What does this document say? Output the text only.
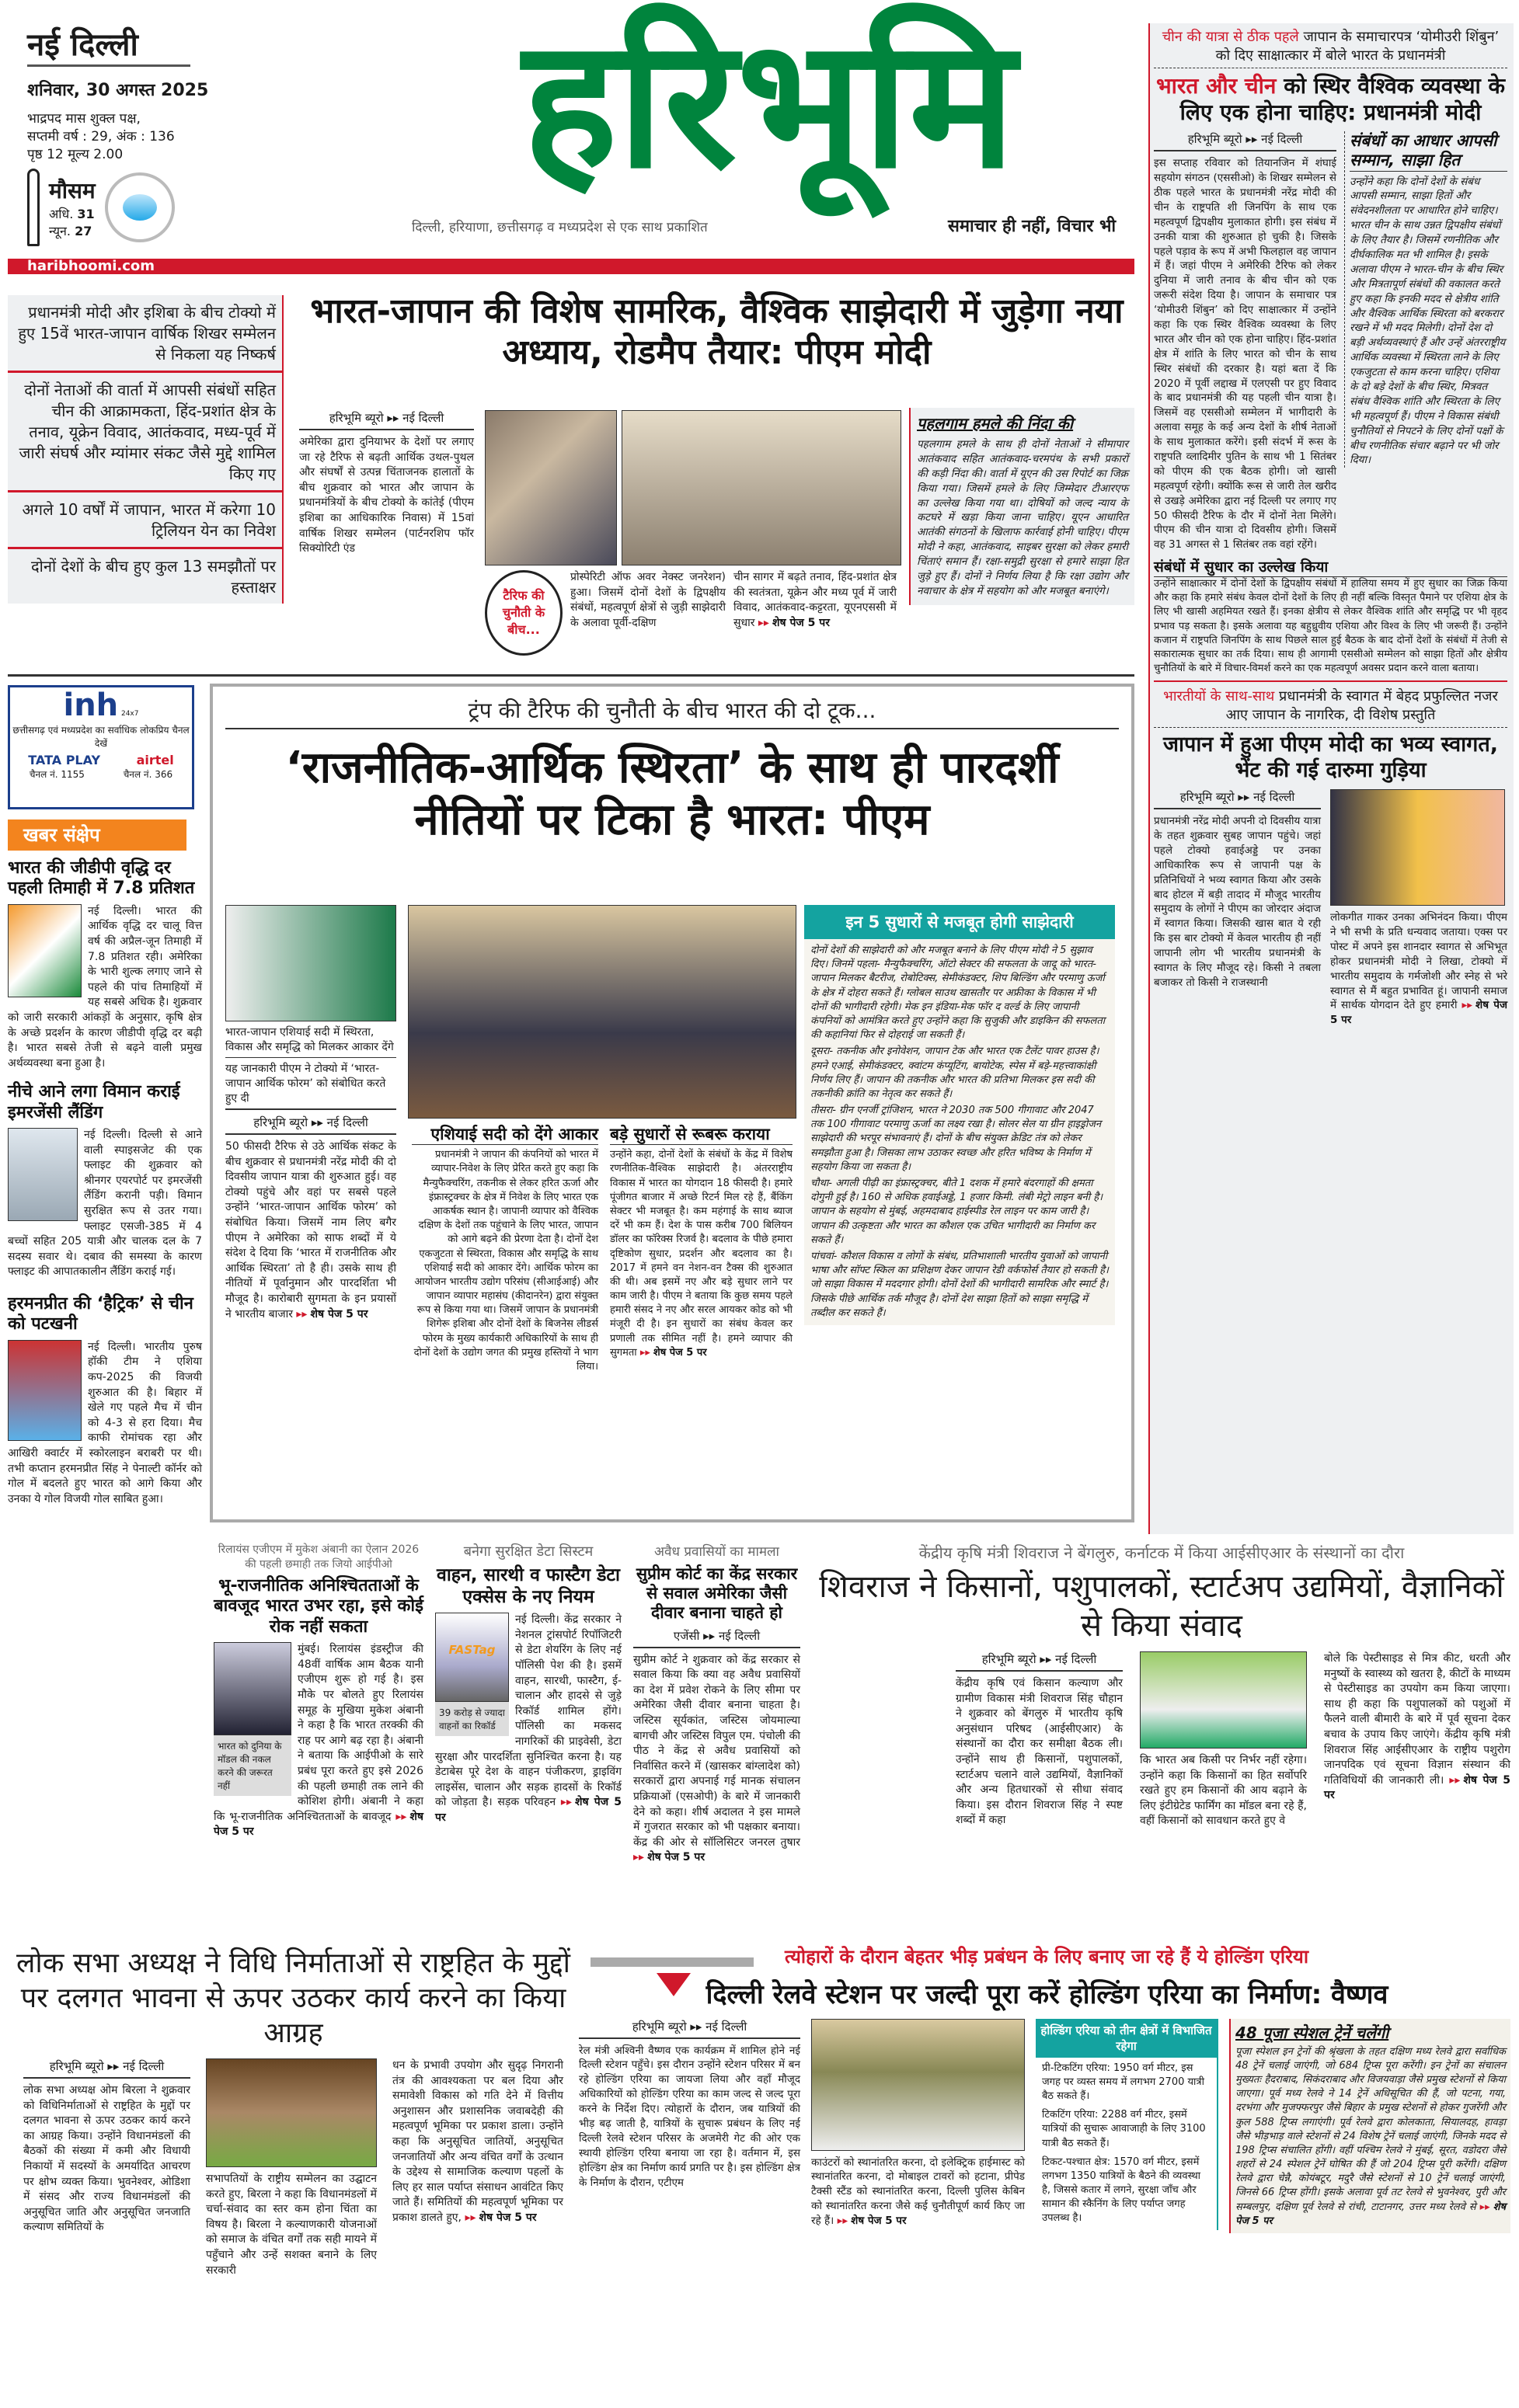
नई दिल्ली
शनिवार, 30 अगस्त 2025
भाद्रपद मास शुक्ल पक्ष,
सप्तमी वर्ष : 29, अंक : 136
पृष्ठ 12 मूल्य 2.00
मौसम
अधि. 31
न्यून. 27
हरिभूमि
दिल्ली, हरियाणा, छत्तीसगढ़ व मध्यप्रदेश से एक साथ प्रकाशित	समाचार ही नहीं, विचार भी
haribhoomi.com
प्रधानमंत्री मोदी और इशिबा के बीच टोक्यो में हुए 15वें भारत-जापान वार्षिक शिखर सम्मेलन से निकला यह निष्कर्ष
दोनों नेताओं की वार्ता में आपसी संबंधों सहित चीन की आक्रामकता, हिंद-प्रशांत क्षेत्र के तनाव, यूक्रेन विवाद, आतंकवाद, मध्य-पूर्व में जारी संघर्ष और म्यांमार संकट जैसे मुद्दे शामिल किए गए
अगले 10 वर्षों में जापान, भारत में करेगा 10 ट्रिलियन येन का निवेश
दोनों देशों के बीच हुए कुल 13 समझौतों पर हस्ताक्षर
भारत-जापान की विशेष सामरिक, वैश्विक साझेदारी में जुड़ेगा नया अध्याय, रोडमैप तैयार: पीएम मोदी
हरिभूमि ब्यूरो ▸▸ नई दिल्ली
अमेरिका द्वारा दुनियाभर के देशों पर लगाए जा रहे टैरिफ से बढ़ती आर्थिक उथल-पुथल और संघर्षों से उत्पन्न चिंताजनक हालातों के बीच शुक्रवार को भारत और जापान के प्रधानमंत्रियों के बीच टोक्यो के कांतेई (पीएम इशिबा का आधिकारिक निवास) में 15वां वार्षिक शिखर सम्मेलन (पार्टनरशिप फॉर सिक्योरिटी एंड
टैरिफ की चुनौती के बीच...
प्रोस्पेरिटी ऑफ अवर नेक्स्ट जनरेशन) हुआ। जिसमें दोनों देशों के द्विपक्षीय संबंधों, महत्वपूर्ण क्षेत्रों से जुड़ी साझेदारी के अलावा पूर्वी-दक्षिण
चीन सागर में बढ़ते तनाव, हिंद-प्रशांत क्षेत्र की स्वतंत्रता, यूक्रेन और मध्य पूर्व में जारी विवाद, आतंकवाद-कट्टरता, यूएनएससी में सुधार ▸▸ शेष पेज 5 पर
पहलगाम हमले की निंदा की
पहलगाम हमले के साथ ही दोनों नेताओं ने सीमापार आतंकवाद सहित आतंकवाद-चरमपंथ के सभी प्रकारों की कड़ी निंदा की। वार्ता में यूएन की उस रिपोर्ट का जिक्र किया गया। जिसमें हमले के लिए जिम्मेदार टीआरएफ का उल्लेख किया गया था। दोषियों को जल्द न्याय के कटघरे में खड़ा किया जाना चाहिए। यूएन आधारित आतंकी संगठनों के खिलाफ कार्रवाई होनी चाहिए। पीएम मोदी ने कहा, आतंकवाद, साइबर सुरक्षा को लेकर हमारी चिंताएं समान हैं। रक्षा-समुद्री सुरक्षा से हमारे साझा हित जुड़े हुए हैं। दोनों ने निर्णय लिया है कि रक्षा उद्योग और नवाचार के क्षेत्र में सहयोग को और मजबूत बनाएंगे।
inh 24x7
छत्तीसगढ़ एवं मध्यप्रदेश का सर्वाधिक लोकप्रिय चैनल देखें
TATA PLAY	airtel
चैनल नं. 1155	चैनल नं. 366
खबर संक्षेप
भारत की जीडीपी वृद्धि दर पहली तिमाही में 7.8 प्रतिशत
नई दिल्ली। भारत की आर्थिक वृद्धि दर चालू वित्त वर्ष की अप्रैल-जून तिमाही में 7.8 प्रतिशत रही। अमेरिका के भारी शुल्क लगाए जाने से पहले की पांच तिमाहियों में यह सबसे अधिक है। शुक्रवार को जारी सरकारी आंकड़ों के अनुसार, कृषि क्षेत्र के अच्छे प्रदर्शन के कारण जीडीपी वृद्धि दर बढ़ी है। भारत सबसे तेजी से बढ़ने वाली प्रमुख अर्थव्यवस्था बना हुआ है।
नीचे आने लगा विमान कराई इमरजेंसी लैंडिंग
नई दिल्ली। दिल्ली से आने वाली स्पाइसजेट की एक फ्लाइट की शुक्रवार को श्रीनगर एयरपोर्ट पर इमरजेंसी लैंडिंग करानी पड़ी। विमान सुरक्षित रूप से उतर गया। फ्लाइट एसजी-385 में 4 बच्चों सहित 205 यात्री और चालक दल के 7 सदस्य सवार थे। दबाव की समस्या के कारण फ्लाइट की आपातकालीन लैंडिंग कराई गई।
हरमनप्रीत की ‘हैट्रिक’ से चीन को पटखनी
नई दिल्ली। भारतीय पुरुष हॉकी टीम ने एशिया कप-2025 की विजयी शुरुआत की है। बिहार में खेले गए पहले मैच में चीन को 4-3 से हरा दिया। मैच काफी रोमांचक रहा और आखिरी क्वार्टर में स्कोरलाइन बराबरी पर थी। तभी कप्तान हरमनप्रीत सिंह ने पेनाल्टी कॉर्नर को गोल में बदलते हुए भारत को आगे किया और उनका ये गोल विजयी गोल साबित हुआ।
ट्रंप की टैरिफ की चुनौती के बीच भारत की दो टूक...
‘राजनीतिक-आर्थिक स्थिरता’ के साथ ही पारदर्शी नीतियों पर टिका है भारत: पीएम
भारत-जापान एशियाई सदी में स्थिरता, विकास और समृद्धि को मिलकर आकार देंगे
यह जानकारी पीएम ने टोक्यो में ‘भारत-जापान आर्थिक फोरम’ को संबोधित करते हुए दी
हरिभूमि ब्यूरो ▸▸ नई दिल्ली
50 फीसदी टैरिफ से उठे आर्थिक संकट के बीच शुक्रवार से प्रधानमंत्री नरेंद्र मोदी की दो दिवसीय जापान यात्रा की शुरुआत हुई। वह टोक्यो पहुंचे और वहां पर सबसे पहले उन्होंने ‘भारत-जापान आर्थिक फोरम’ को संबोधित किया। जिसमें नाम लिए बगैर पीएम ने अमेरिका को साफ शब्दों में ये संदेश दे दिया कि ‘भारत में राजनीतिक और आर्थिक स्थिरता’ तो है ही। उसके साथ ही नीतियों में पूर्वानुमान और पारदर्शिता भी मौजूद है। कारोबारी सुगमता के इन प्रयासों ने भारतीय बाजार ▸▸ शेष पेज 5 पर
एशियाई सदी को देंगे आकार
प्रधानमंत्री ने जापान की कंपनियों को भारत में व्यापार-निवेश के लिए प्रेरित करते हुए कहा कि मैन्युफैक्चरिंग, तकनीक से लेकर हरित ऊर्जा और इंफ्रास्ट्रक्चर के क्षेत्र में निवेश के लिए भारत एक आकर्षक स्थान है। जापानी व्यापार को वैश्विक दक्षिण के देशों तक पहुंचाने के लिए भारत, जापान को आगे बढ़ने की प्रेरणा देता है। दोनों देश एकजुटता से स्थिरता, विकास और समृद्धि के साथ एशियाई सदी को आकार देंगे। आर्थिक फोरम का आयोजन भारतीय उद्योग परिसंघ (सीआईआई) और जापान व्यापार महासंघ (कीदानरेन) द्वारा संयुक्त रूप से किया गया था। जिसमें जापान के प्रधानमंत्री शिगेरू इशिबा और दोनों देशों के बिजनेस लीडर्स फोरम के मुख्य कार्यकारी अधिकारियों के साथ ही दोनों देशों के उद्योग जगत की प्रमुख हस्तियों ने भाग लिया।
बड़े सुधारों से रूबरू कराया
उन्होंने कहा, दोनों देशों के संबंधों के केंद्र में विशेष रणनीतिक-वैश्विक साझेदारी है। अंतरराष्ट्रीय विकास में भारत का योगदान 18 फीसदी है। हमारे पूंजीगत बाजार में अच्छे रिटर्न मिल रहे हैं, बैंकिंग सेक्टर भी मजबूत है। कम महंगाई के साथ ब्याज दरें भी कम हैं। देश के पास करीब 700 बिलियन डॉलर का फॉरेक्स रिजर्व है। बदलाव के पीछे हमारा दृष्टिकोण सुधार, प्रदर्शन और बदलाव का है। 2017 में हमने वन नेशन-वन टैक्स की शुरुआत की थी। अब इसमें नए और बड़े सुधार लाने पर काम जारी है। पीएम ने बताया कि कुछ समय पहले हमारी संसद ने नए और सरल आयकर कोड को भी मंजूरी दी है। इन सुधारों का संबंध केवल कर प्रणाली तक सीमित नहीं है। हमने व्यापार की सुगमता ▸▸ शेष पेज 5 पर
इन 5 सुधारों से मजबूत होगी साझेदारी
दोनों देशों की साझेदारी को और मजबूत बनाने के लिए पीएम मोदी ने 5 सुझाव दिए। जिनमें पहला- मैन्युफैक्चरिंग, ऑटो सेक्टर की सफलता के जादू को भारत-जापान मिलकर बैटरीज, रोबोटिक्स, सेमीकंडक्टर, शिप बिल्डिंग और परमाणु ऊर्जा के क्षेत्र में दोहरा सकते हैं। ग्लोबल साउथ खासतौर पर अफ्रीका के विकास में भी दोनों की भागीदारी रहेगी। मेक इन इंडिया-मेक फॉर द वर्ल्ड के लिए जापानी कंपनियों को आमंत्रित करते हुए उन्होंने कहा कि सुजुकी और डाइकिन की सफलता की कहानियां फिर से दोहराई जा सकती हैं।
दूसरा- तकनीक और इनोवेशन, जापान टेक और भारत एक टैलेंट पावर हाउस है। हमने एआई, सेमीकंडक्टर, क्वांटम कंप्यूटिंग, बायोटेक, स्पेस में बड़े-महत्त्वाकांक्षी निर्णय लिए हैं। जापान की तकनीक और भारत की प्रतिभा मिलकर इस सदी की तकनीकी क्रांति का नेतृत्व कर सकते हैं।
तीसरा- ग्रीन एनर्जी ट्रांजिशन, भारत ने 2030 तक 500 गीगावाट और 2047 तक 100 गीगावाट परमाणु ऊर्जा का लक्ष्य रखा है। सोलर सेल या ग्रीन हाइड्रोजन साझेदारी की भरपूर संभावनाएं हैं। दोनों के बीच संयुक्त क्रेडिट तंत्र को लेकर समझौता हुआ है। जिसका लाभ उठाकर स्वच्छ और हरित भविष्य के निर्माण में सहयोग किया जा सकता है।
चौथा- अगली पीढ़ी का इंफ्रास्ट्रक्चर, बीते 1 दशक में हमारे बंदरगाहों की क्षमता दोगुनी हुई है। 160 से अधिक हवाईअड्डे, 1 हजार किमी. लंबी मेट्रो लाइन बनी है। जापान के सहयोग से मुंबई, अहमदाबाद हाईस्पीड रेल लाइन पर काम जारी है। जापान की उत्कृष्टता और भारत का कौशल एक उचित भागीदारी का निर्माण कर सकते हैं।
पांचवां- कौशल विकास व लोगों के संबंध, प्रतिभाशाली भारतीय युवाओं को जापानी भाषा और सॉफ्ट स्किल का प्रशिक्षण देकर जापान रेडी वर्कफोर्स तैयार हो सकती है। जो साझा विकास में मददगार होगी। दोनों देशों की भागीदारी सामरिक और स्मार्ट है। जिसके पीछे आर्थिक तर्क मौजूद है। दोनों देश साझा हितों को साझा समृद्धि में तब्दील कर सकते हैं।
चीन की यात्रा से ठीक पहले जापान के समाचारपत्र ‘योमीउरी शिंबुन’ को दिए साक्षात्कार में बोले भारत के प्रधानमंत्री
भारत और चीन को स्थिर वैश्विक व्यवस्था के लिए एक होना चाहिए: प्रधानमंत्री मोदी
हरिभूमि ब्यूरो ▸▸ नई दिल्ली
इस सप्ताह रविवार को तियानजिन में शंघाई सहयोग संगठन (एससीओ) के शिखर सम्मेलन से ठीक पहले भारत के प्रधानमंत्री नरेंद्र मोदी की चीन के राष्ट्रपति शी जिनपिंग के साथ एक महत्वपूर्ण द्विपक्षीय मुलाकात होगी। इस संबंध में उनकी यात्रा की शुरुआत हो चुकी है। जिसके पहले पड़ाव के रूप में अभी फिलहाल वह जापान में हैं। जहां पीएम ने अमेरिकी टैरिफ को लेकर दुनिया में जारी तनाव के बीच चीन को एक जरूरी संदेश दिया है। जापान के समाचार पत्र ‘योमीउरी शिंबुन’ को दिए साक्षात्कार में उन्होंने कहा कि एक स्थिर वैश्विक व्यवस्था के लिए भारत और चीन को एक होना चाहिए। हिंद-प्रशांत क्षेत्र में शांति के लिए भारत को चीन के साथ स्थिर संबंधों की दरकार है। यहां बता दें कि 2020 में पूर्वी लद्दाख में एलएसी पर हुए विवाद के बाद प्रधानमंत्री की यह पहली चीन यात्रा है। जिसमें वह एससीओ सम्मेलन में भागीदारी के अलावा समूह के कई अन्य देशों के शीर्ष नेताओं के साथ मुलाकात करेंगे। इसी संदर्भ में रूस के राष्ट्रपति व्लादिमीर पुतिन के साथ भी 1 सितंबर को पीएम की एक बैठक होगी। जो खासी महत्वपूर्ण रहेगी। क्योंकि रूस से जारी तेल खरीद से उखड़े अमेरिका द्वारा नई दिल्ली पर लगाए गए 50 फीसदी टैरिफ के दौर में दोनों नेता मिलेंगे। पीएम की चीन यात्रा दो दिवसीय होगी। जिसमें वह 31 अगस्त से 1 सितंबर तक वहां रहेंगे।
संबंधों का आधार आपसी सम्मान, साझा हित
उन्होंने कहा कि दोनों देशों के संबंध आपसी सम्मान, साझा हितों और संवेदनशीलता पर आधारित होने चाहिए। भारत चीन के साथ उन्नत द्विपक्षीय संबंधों के लिए तैयार है। जिसमें रणनीतिक और दीर्घकालिक मत भी शामिल है। इसके अलावा पीएम ने भारत-चीन के बीच स्थिर और मित्रतापूर्ण संबंधों की वकालत करते हुए कहा कि इनकी मदद से क्षेत्रीय शांति और वैश्विक आर्थिक स्थिरता को बरकरार रखने में भी मदद मिलेगी। दोनों देश दो बड़ी अर्थव्यवस्थाएं हैं और उन्हें अंतरराष्ट्रीय आर्थिक व्यवस्था में स्थिरता लाने के लिए एकजुटता से काम करना चाहिए। एशिया के दो बड़े देशों के बीच स्थिर, मित्रवत संबंध वैश्विक शांति और स्थिरता के लिए भी महत्वपूर्ण हैं। पीएम ने विकास संबंधी चुनौतियों से निपटने के लिए दोनों पक्षों के बीच रणनीतिक संचार बढ़ाने पर भी जोर दिया।
संबंधों में सुधार का उल्लेख किया
उन्होंने साक्षात्कार में दोनों देशों के द्विपक्षीय संबंधों में हालिया समय में हुए सुधार का जिक्र किया और कहा कि हमारे संबंध केवल दोनों देशों के लिए ही नहीं बल्कि विस्तृत पैमाने पर एशिया क्षेत्र के लिए भी खासी अहमियत रखते हैं। इनका क्षेत्रीय से लेकर वैश्विक शांति और समृद्धि पर भी वृहद प्रभाव पड़ सकता है। इसके अलावा यह बहुध्रुवीय एशिया और विश्व के लिए भी जरूरी हैं। उन्होंने कजान में राष्ट्रपति जिनपिंग के साथ पिछले साल हुई बैठक के बाद दोनों देशों के संबंधों में तेजी से सकारात्मक सुधार का तर्क दिया। साथ ही आगामी एससीओ सम्मेलन को साझा हितों और क्षेत्रीय चुनौतियों के बारे में विचार-विमर्श करने का एक महत्वपूर्ण अवसर प्रदान करने वाला बताया।
भारतीयों के साथ-साथ प्रधानमंत्री के स्वागत में बेहद प्रफुल्लित नजर आए जापान के नागरिक, दी विशेष प्रस्तुति
जापान में हुआ पीएम मोदी का भव्य स्वागत, भेंट की गई दारुमा गुड़िया
हरिभूमि ब्यूरो ▸▸ नई दिल्ली
प्रधानमंत्री नरेंद्र मोदी अपनी दो दिवसीय यात्रा के तहत शुक्रवार सुबह जापान पहुंचे। जहां पहले टोक्यो हवाईअड्डे पर उनका आधिकारिक रूप से जापानी पक्ष के प्रतिनिधियों ने भव्य स्वागत किया और उसके बाद होटल में बड़ी तादाद में मौजूद भारतीय समुदाय के लोगों ने पीएम का जोरदार अंदाज में स्वागत किया। जिसकी खास बात ये रही कि इस बार टोक्यो में केवल भारतीय ही नहीं जापानी लोग भी भारतीय प्रधानमंत्री के स्वागत के लिए मौजूद रहे। किसी ने तबला बजाकर तो किसी ने राजस्थानी
लोकगीत गाकर उनका अभिनंदन किया। पीएम ने भी सभी के प्रति धन्यवाद जताया। एक्स पर पोस्ट में अपने इस शानदार स्वागत से अभिभूत होकर प्रधानमंत्री मोदी ने लिखा, टोक्यो में भारतीय समुदाय के गर्मजोशी और स्नेह से भरे स्वागत से मैं बहुत प्रभावित हूं। जापानी समाज में सार्थक योगदान देते हुए हमारी ▸▸ शेष पेज 5 पर
रिलायंस एजीएम में मुकेश अंबानी का ऐलान 2026 की पहली छमाही तक जियो आईपीओ
भू-राजनीतिक अनिश्चितताओं के बावजूद भारत उभर रहा, इसे कोई रोक नहीं सकता
भारत को दुनिया के मॉडल की नकल करने की जरूरत नहीं
मुंबई। रिलायंस इंडस्ट्रीज की 48वीं वार्षिक आम बैठक यानी एजीएम शुरू हो गई है। इस मौके पर बोलते हुए रिलायंस समूह के मुखिया मुकेश अंबानी ने कहा है कि भारत तरक्की की राह पर आगे बढ़ रहा है। अंबानी ने बताया कि आईपीओ के सारे प्रबंध पूरा करते हुए इसे 2026 की पहली छमाही तक लाने की कोशिश होगी। अंबानी ने कहा कि भू-राजनीतिक अनिश्चितताओं के बावजूद ▸▸ शेष पेज 5 पर
बनेगा सुरक्षित डेटा सिस्टम
वाहन, सारथी व फास्टैग डेटा एक्सेस के नए नियम
FASTag
39 करोड़ से ज्यादा वाहनों का रिकॉर्ड
नई दिल्ली। केंद्र सरकार ने नेशनल ट्रांसपोर्ट रिपॉजिटरी से डेटा शेयरिंग के लिए नई पॉलिसी पेश की है। इसमें वाहन, सारथी, फास्टैग, ई-चालान और हादसे से जुड़े रिकॉर्ड शामिल होंगे। पॉलिसी का मकसद नागरिकों की प्राइवेसी, डेटा सुरक्षा और पारदर्शिता सुनिश्चित करना है। यह डेटाबेस पूरे देश के वाहन पंजीकरण, ड्राइविंग लाइसेंस, चालान और सड़क हादसों के रिकॉर्ड को जोड़ता है। सड़क परिवहन ▸▸ शेष पेज 5 पर
अवैध प्रवासियों का मामला
सुप्रीम कोर्ट का केंद्र सरकार से सवाल अमेरिका जैसी दीवार बनाना चाहते हो
एजेंसी ▸▸ नई दिल्ली
सुप्रीम कोर्ट ने शुक्रवार को केंद्र सरकार से सवाल किया कि क्या वह अवैध प्रवासियों का देश में प्रवेश रोकने के लिए सीमा पर अमेरिका जैसी दीवार बनाना चाहता है। जस्टिस सूर्यकांत, जस्टिस जोयमाल्या बागची और जस्टिस विपुल एम. पंचोली की पीठ ने केंद्र से अवैध प्रवासियों को निर्वासित करने में (खासकर बांग्लादेश को) सरकारों द्वारा अपनाई गई मानक संचालन प्रक्रियाओं (एसओपी) के बारे में जानकारी देने को कहा। शीर्ष अदालत ने इस मामले में गुजरात सरकार को भी पक्षकार बनाया। केंद्र की ओर से सॉलिसिटर जनरल तुषार ▸▸ शेष पेज 5 पर
केंद्रीय कृषि मंत्री शिवराज ने बेंगलुरु, कर्नाटक में किया आईसीएआर के संस्थानों का दौरा
शिवराज ने किसानों, पशुपालकों, स्टार्टअप उद्यमियों, वैज्ञानिकों से किया संवाद
हरिभूमि ब्यूरो ▸▸ नई दिल्ली
केंद्रीय कृषि एवं किसान कल्याण और ग्रामीण विकास मंत्री शिवराज सिंह चौहान ने शुक्रवार को बेंगलुरु में भारतीय कृषि अनुसंधान परिषद (आईसीएआर) के संस्थानों का दौरा कर समीक्षा बैठक ली। उन्होंने साथ ही किसानों, पशुपालकों, स्टार्टअप चलाने वाले उद्यमियों, वैज्ञानिकों और अन्य हितधारकों से सीधा संवाद किया। इस दौरान शिवराज सिंह ने स्पष्ट शब्दों में कहा
कि भारत अब किसी पर निर्भर नहीं रहेगा। उन्होंने कहा कि किसानों का हित सर्वोपरि रखते हुए हम किसानों की आय बढ़ाने के लिए इंटीग्रेटेड फार्मिंग का मॉडल बना रहे हैं, वहीं किसानों को सावधान करते हुए वे
बोले कि पेस्टीसाइड से मित्र कीट, धरती और मनुष्यों के स्वास्थ्य को खतरा है, कीटों के माध्यम से पेस्टीसाइड का उपयोग कम किया जाएगा। साथ ही कहा कि पशुपालकों को पशुओं में फैलने वाली बीमारी के बारे में पूर्व सूचना देकर बचाव के उपाय किए जाएंगे। केंद्रीय कृषि मंत्री शिवराज सिंह आईसीएआर के राष्ट्रीय पशुरोग जानपदिक एवं सूचना विज्ञान संस्थान की गतिविधियों की जानकारी ली। ▸▸ शेष पेज 5 पर
लोक सभा अध्यक्ष ने विधि निर्माताओं से राष्ट्रहित के मुद्दों पर दलगत भावना से ऊपर उठकर कार्य करने का किया आग्रह
हरिभूमि ब्यूरो ▸▸ नई दिल्ली
लोक सभा अध्यक्ष ओम बिरला ने शुक्रवार को विधिनिर्माताओं से राष्ट्रहित के मुद्दों पर दलगत भावना से ऊपर उठकर कार्य करने का आग्रह किया। उन्होंने विधानमंडलों की बैठकों की संख्या में कमी और विधायी निकायों में सदस्यों के अमर्यादित आचरण पर क्षोभ व्यक्त किया। भुवनेश्वर, ओडिशा में संसद और राज्य विधानमंडलों की अनुसूचित जाति और अनुसूचित जनजाति कल्याण समितियों के
सभापतियों के राष्ट्रीय सम्मेलन का उद्घाटन करते हुए, बिरला ने कहा कि विधानमंडलों में चर्चा-संवाद का स्तर कम होना चिंता का विषय है। बिरला ने कल्याणकारी योजनाओं को समाज के वंचित वर्गों तक सही मायने में पहुँचाने और उन्हें सशक्त बनाने के लिए सरकारी
धन के प्रभावी उपयोग और सुदृढ़ निगरानी तंत्र की आवश्यकता पर बल दिया और समावेशी विकास को गति देने में वित्तीय अनुशासन और प्रशासनिक जवाबदेही की महत्वपूर्ण भूमिका पर प्रकाश डाला। उन्होंने कहा कि अनुसूचित जातियों, अनुसूचित जनजातियों और अन्य वंचित वर्गों के उत्थान के उद्देश्य से सामाजिक कल्याण पहलों के लिए हर साल पर्याप्त संसाधन आवंटित किए जाते हैं। समितियों की महत्वपूर्ण भूमिका पर प्रकाश डालते हुए, ▸▸ शेष पेज 5 पर
त्योहारों के दौरान बेहतर भीड़ प्रबंधन के लिए बनाए जा रहे हैं ये होल्डिंग एरिया
दिल्ली रेलवे स्टेशन पर जल्दी पूरा करें होल्डिंग एरिया का निर्माण: वैष्णव
हरिभूमि ब्यूरो ▸▸ नई दिल्ली
रेल मंत्री अश्विनी वैष्णव एक कार्यक्रम में शामिल होने नई दिल्ली स्टेशन पहुँचे। इस दौरान उन्होंने स्टेशन परिसर में बन रहे होल्डिंग एरिया का जायजा लिया और वहाँ मौजूद अधिकारियों को होल्डिंग एरिया का काम जल्द से जल्द पूरा करने के निर्देश दिए। त्योहारों के दौरान, जब यात्रियों की भीड़ बढ़ जाती है, यात्रियों के सुचारू प्रबंधन के लिए नई दिल्ली रेलवे स्टेशन परिसर के अजमेरी गेट की ओर एक स्थायी होल्डिंग एरिया बनाया जा रहा है। वर्तमान में, इस होल्डिंग क्षेत्र का निर्माण कार्य प्रगति पर है। इस होल्डिंग क्षेत्र के निर्माण के दौरान, एटीएम
काउंटरों को स्थानांतरित करना, दो इलेक्ट्रिक हाईमास्ट को स्थानांतरित करना, दो मोबाइल टावरों को हटाना, प्रीपेड टैक्सी स्टैंड को स्थानांतरित करना, दिल्ली पुलिस केबिन को स्थानांतरित करना जैसे कई चुनौतीपूर्ण कार्य किए जा रहे हैं। ▸▸ शेष पेज 5 पर
होल्डिंग एरिया को तीन क्षेत्रों में विभाजित रहेगा
प्री-टिकटिंग एरिया: 1950 वर्ग मीटर, इस जगह पर व्यस्त समय में लगभग 2700 यात्री बैठ सकते हैं।
टिकटिंग एरिया: 2288 वर्ग मीटर, इसमें यात्रियों की सुचारू आवाजाही के लिए 3100 यात्री बैठ सकते हैं।
टिकट-पश्चात क्षेत्र: 1570 वर्ग मीटर, इसमें लगभग 1350 यात्रियों के बैठने की व्यवस्था है, जिससे कतार में लगने, सुरक्षा जाँच और सामान की स्कैनिंग के लिए पर्याप्त जगह उपलब्ध है।
48 पूजा स्पेशल ट्रेनें चलेंगी
पूजा स्पेशल इन ट्रेनों की श्रृंखला के तहत दक्षिण मध्य रेलवे द्वारा सर्वाधिक 48 ट्रेनें चलाई जाएंगी, जो 684 ट्रिप्स पूरा करेंगी। इन ट्रेनों का संचालन मुख्यतः हैदराबाद, सिकंदराबाद और विजयवाड़ा जैसे प्रमुख स्टेशनों से किया जाएगा। पूर्व मध्य रेलवे ने 14 ट्रेनें अधिसूचित की हैं, जो पटना, गया, दरभंगा और मुजफ्फरपुर जैसे बिहार के प्रमुख स्टेशनों से होकर गुजरेंगी और कुल 588 ट्रिप्स लगाएंगी। पूर्व रेलवे द्वारा कोलकाता, सियालदह, हावड़ा जैसे भीड़भाड़ वाले स्टेशनों से 24 विशेष ट्रेनें चलाई जाएंगी, जिनके मदद से 198 ट्रिप्स संचालित होंगी। वहीं पश्चिम रेलवे ने मुंबई, सूरत, वडोदरा जैसे शहरों से 24 स्पेशल ट्रेनें घोषित की हैं जो 204 ट्रिप्स पूरी करेंगी। दक्षिण रेलवे द्वारा चेन्नै, कोयंबटूर, मदुरै जैसे स्टेशनों से 10 ट्रेनें चलाई जाएंगी, जिनसे 66 ट्रिप्स होंगी। इसके अलावा पूर्व तट रेलवे से भुवनेश्वर, पुरी और सम्बलपुर, दक्षिण पूर्व रेलवे से रांची, टाटानगर, उत्तर मध्य रेलवे से ▸▸ शेष पेज 5 पर
